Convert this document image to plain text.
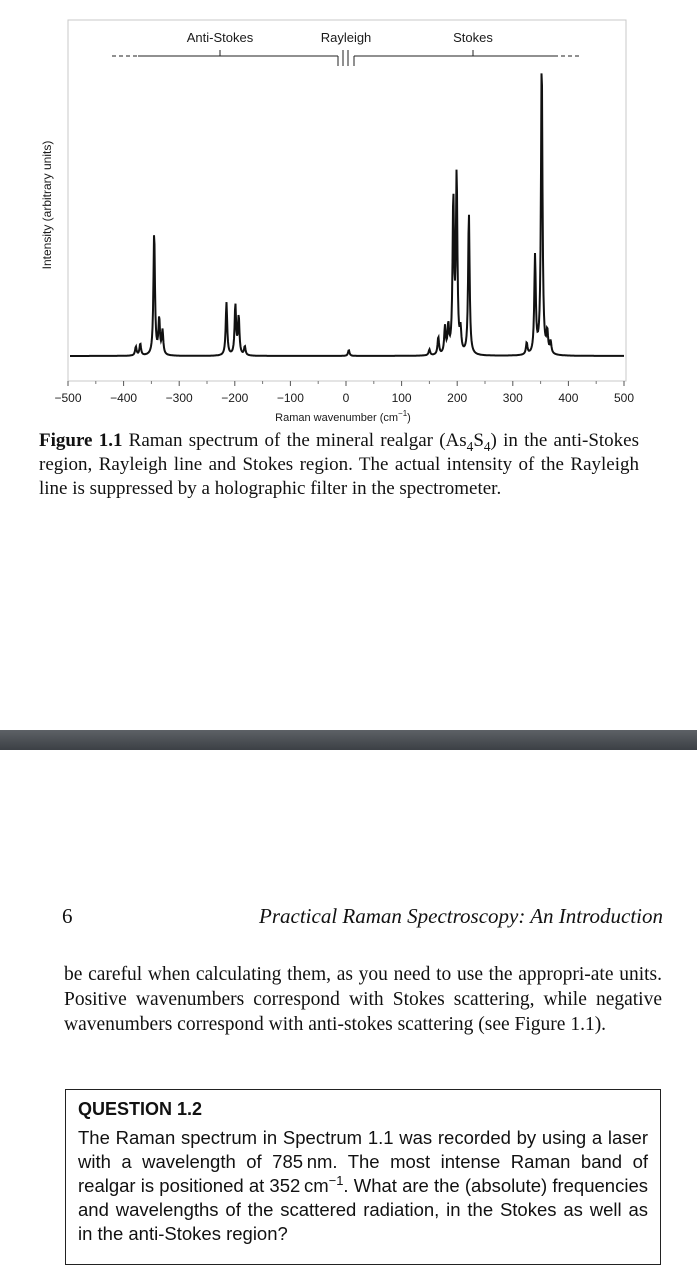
Intensity (arbitrary units)
Anti-Stokes	Rayleigh	Stokes
−500 −400 −300 −200 −100	0	100	200	300	400	500
Raman wavenumber $(cm^{-1})$
Figure 1.1 Raman spectrum of the mineral realgar $(As_4S_4)$ in the anti-Stokes region, Rayleigh line and Stokes region. The actual intensity of the Rayleigh line is suppressed by a holographic filter in the spectrometer.
6	Practical Raman Spectroscopy: An Introduction
be careful when calculating them, as you need to use the appropri-ate units. Positive wavenumbers correspond with Stokes scattering, while negative wavenumbers correspond with anti-stokes scattering (see Figure 1.1).
QUESTION 1.2
The Raman spectrum in Spectrum 1.1 was recorded by using a laser with a wavelength of 785 nm. The most intense Raman band of realgar is positioned at 352 $cm^{-1}$. What are the (absolute) frequencies and wavelengths of the scattered radiation, in the Stokes as well as in the anti-Stokes region?
